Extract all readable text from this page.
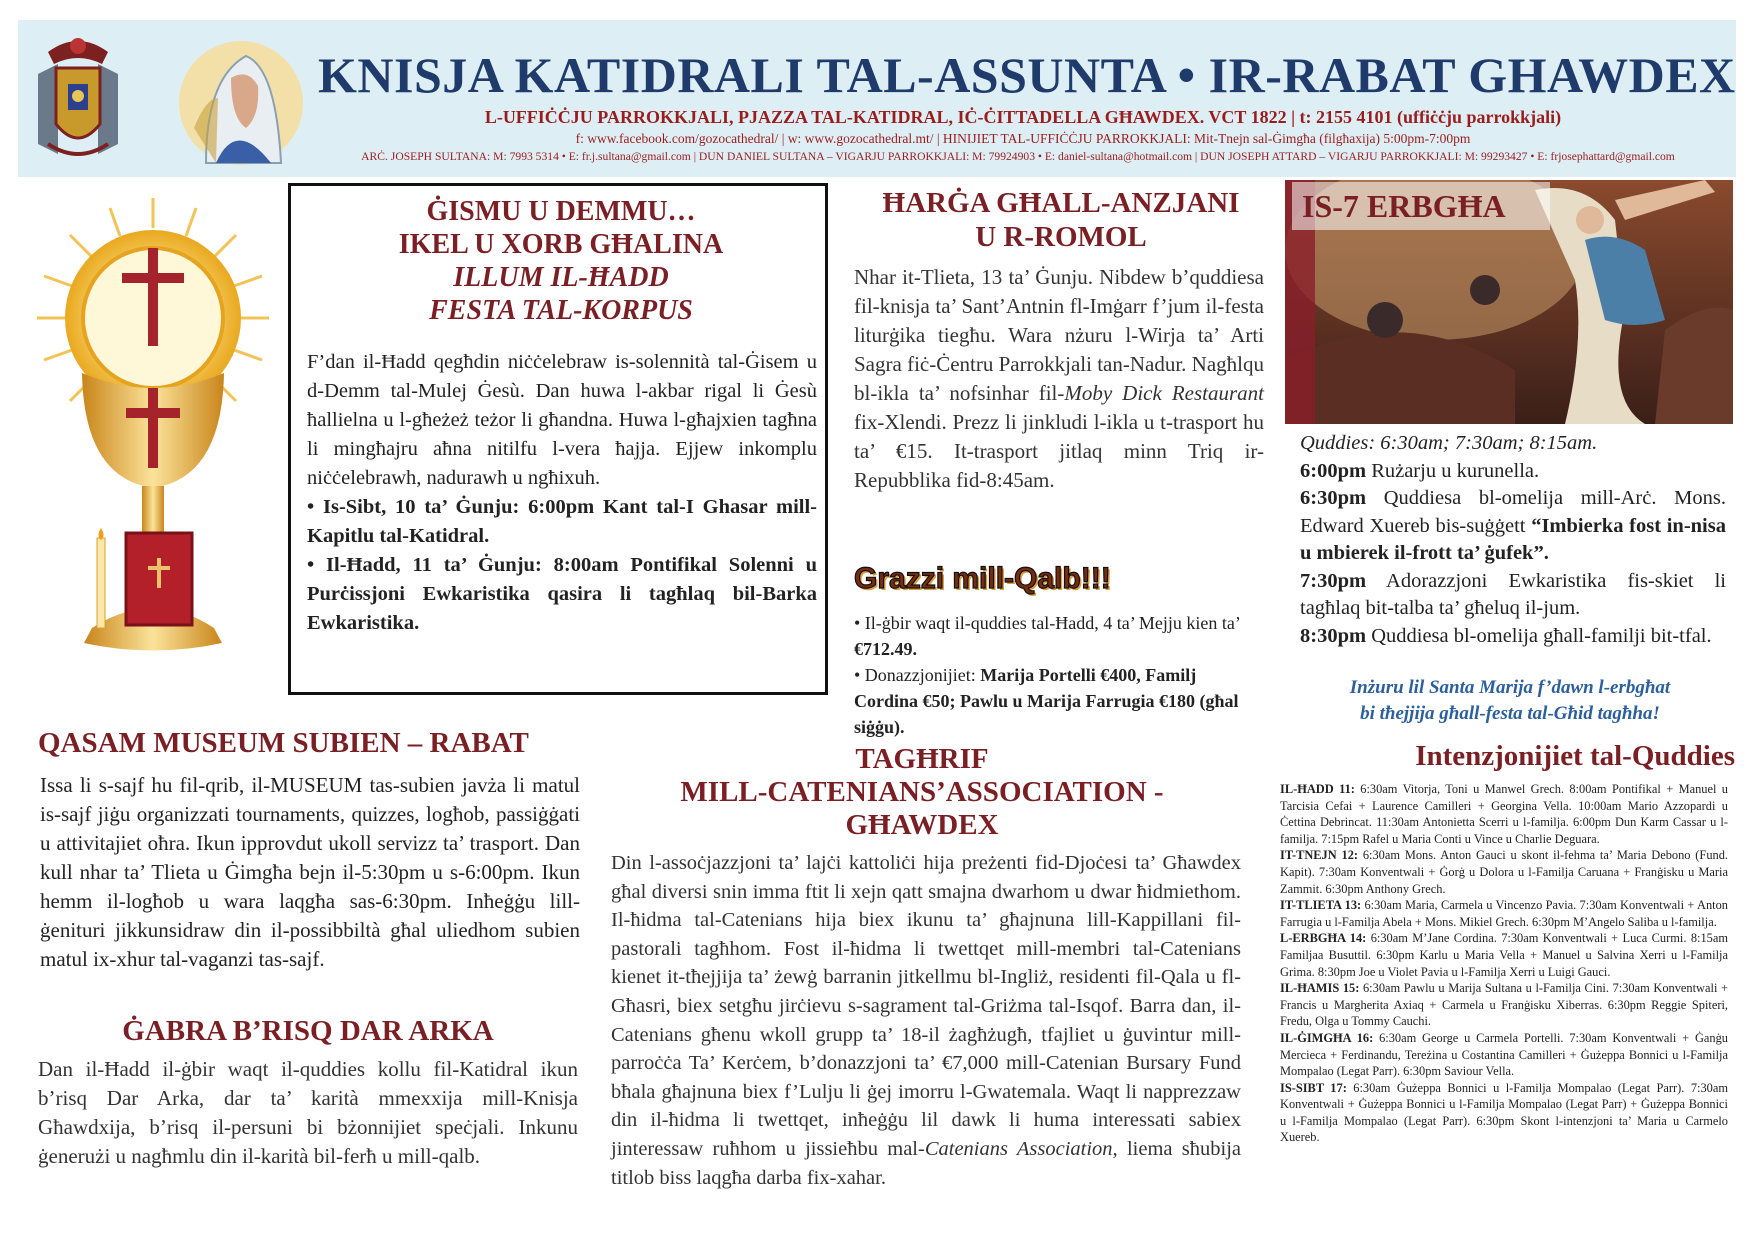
KNISJA KATIDRALI TAL-ASSUNTA • IR-RABAT GHAWDEX
L-UFFIĊĊJU PARROKKJALI, PJAZZA TAL-KATIDRAL, IĊ-ĊITTADELLA GĦAWDEX. VCT 1822 | t: 2155 4101 (uffiċċju parrokkjali)
f: www.facebook.com/gozocathedral/ | w: www.gozocathedral.mt/ | HINIJIET TAL-UFFIĊĊJU PARROKKJALI: Mit-Tnejn sal-Ġimgħa (filgħaxija) 5:00pm-7:00pm
ARĊ. JOSEPH SULTANA: M: 7993 5314 • E: fr.j.sultana@gmail.com | DUN DANIEL SULTANA – VIGARJU PARROKKJALI: M: 79924903 • E: daniel-sultana@hotmail.com | DUN JOSEPH ATTARD – VIGARJU PARROKKJALI: M: 99293427 • E: frjosephattard@gmail.com
ĠISMU U DEMMU…
IKEL U XORB GĦALINA
ILLUM IL-ĦADD
FESTA TAL-KORPUS
F’dan il-Ħadd qegħdin niċċelebraw is-solennità tal-Ġisem u d-Demm tal-Mulej Ġesù. Dan huwa l-akbar rigal li Ġesù ħallielna u l-għeżeż teżor li għandna. Huwa l-għajxien tagħna li mingħajru aħna nitilfu l-vera ħajja. Ejjew inkomplu niċċelebrawh, nadurawh u ngħixuh.
• Is-Sibt, 10 ta’ Ġunju: 6:00pm Kant tal-I Ghasar mill-Kapitlu tal-Katidral.
• Il-Ħadd, 11 ta’ Ġunju: 8:00am Pontifikal Solenni u Purċissjoni Ewkaristika qasira li tagħlaq bil-Barka Ewkaristika.
ĦARĠA GĦALL-ANZJANI
U R-ROMOL
Nhar it-Tlieta, 13 ta’ Ġunju. Nibdew b’quddiesa fil-knisja ta’ Sant’Antnin fl-Imġarr f’jum il-festa liturġika tiegħu. Wara nżuru l-Wirja ta’ Arti Sagra fiċ-Ċentru Parrokkjali tan-Nadur. Nagħlqu bl-ikla ta’ nofsinhar fil-Moby Dick Restaurant fix-Xlendi. Prezz li jinkludi l-ikla u t-trasport hu ta’ €15. It-trasport jitlaq minn Triq ir-Repubblika fid-8:45am.
Grazzi mill-Qalb!!!
• Il-ġbir waqt il-quddies tal-Ħadd, 4 ta’ Mejju kien ta’ €712.49.
• Donazzjonijiet: Marija Portelli €400, Familj Cordina €50; Pawlu u Marija Farrugia €180 (għal siġġu).
IS-7 ERBGĦA
Quddies: 6:30am; 7:30am; 8:15am.
6:00pm Rużarju u kurunella.
6:30pm Quddiesa bl-omelija mill-Arċ. Mons. Edward Xuereb bis-suġġett “Imbierka fost in-nisa u mbierek il-frott ta’ ġufek”.
7:30pm Adorazzjoni Ewkaristika fis-skiet li tagħlaq bit-talba ta’ għeluq il-jum.
8:30pm Quddiesa bl-omelija għall-familji bit-tfal.
Inżuru lil Santa Marija f’dawn l-erbgħat
bi tħejjija għall-festa tal-Għid tagħha!
Intenzjonijiet tal-Quddies
IL-ĦADD 11: 6:30am Vitorja, Toni u Manwel Grech. 8:00am Pontifikal + Manuel u Tarcisia Cefai + Laurence Camilleri + Georgina Vella. 10:00am Mario Azzopardi u Ċettina Debrincat. 11:30am Antonietta Scerri u l-familja. 6:00pm Dun Karm Cassar u l-familja. 7:15pm Rafel u Maria Conti u Vince u Charlie Deguara.
IT-TNEJN 12: 6:30am Mons. Anton Gauci u skont il-fehma ta’ Maria Debono (Fund. Kapit). 7:30am Konventwali + Ġorġ u Dolora u l-Familja Caruana + Franġisku u Maria Zammit. 6:30pm Anthony Grech.
IT-TLIETA 13: 6:30am Maria, Carmela u Vincenzo Pavia. 7:30am Konventwali + Anton Farrugia u l-Familja Abela + Mons. Mikiel Grech. 6:30pm M’Angelo Saliba u l-familja.
L-ERBGĦA 14: 6:30am M’Jane Cordina. 7:30am Konventwali + Luca Curmi. 8:15am Familjaa Busuttil. 6:30pm Karlu u Maria Vella + Manuel u Salvina Xerri u l-Familja Grima. 8:30pm Joe u Violet Pavia u l-Familja Xerri u Luigi Gauci.
IL-ĦAMIS 15: 6:30am Pawlu u Marija Sultana u l-Familja Cini. 7:30am Konventwali + Francis u Margherita Axiaq + Carmela u Franġisku Xiberras. 6:30pm Reggie Spiteri, Fredu, Olga u Tommy Cauchi.
IL-ĠIMGĦA 16: 6:30am George u Carmela Portelli. 7:30am Konventwali + Ġanġu Mercieca + Ferdinandu, Tereżina u Costantina Camilleri + Ġużeppa Bonnici u l-Familja Mompalao (Legat Parr). 6:30pm Saviour Vella.
IS-SIBT 17: 6:30am Ġużeppa Bonnici u l-Familja Mompalao (Legat Parr). 7:30am Konventwali + Ġużeppa Bonnici u l-Familja Mompalao (Legat Parr) + Ġużeppa Bonnici u l-Familja Mompalao (Legat Parr). 6:30pm Skont l-intenzjoni ta’ Maria u Carmelo Xuereb.
QASAM MUSEUM SUBIEN – RABAT
Issa li s-sajf hu fil-qrib, il-MUSEUM tas-subien javża li matul is-sajf jiġu organizzati tournaments, quizzes, logħob, passiġġati u attivitajiet oħra. Ikun ipprovdut ukoll servizz ta’ trasport. Dan kull nhar ta’ Tlieta u Ġimgħa bejn il-5:30pm u s-6:00pm. Ikun hemm il-logħob u wara laqgħa sas-6:30pm. Inħeġġu lill-ġenituri jikkunsidraw din il-possibbiltà għal uliedhom subien matul ix-xhur tal-vaganzi tas-sajf.
ĠABRA B’RISQ DAR ARKA
Dan il-Ħadd il-ġbir waqt il-quddies kollu fil-Katidral ikun b’risq Dar Arka, dar ta’ karità mmexxija mill-Knisja Għawdxija, b’risq il-persuni bi bżonnijiet speċjali. Inkunu ġenerużi u nagħmlu din il-karità bil-ferħ u mill-qalb.
TAGĦRIF
MILL-CATENIANS’ASSOCIATION -
GĦAWDEX
Din l-assoċjazzjoni ta’ lajċi kattoliċi hija preżenti fid-Djoċesi ta’ Għawdex għal diversi snin imma ftit li xejn qatt smajna dwarhom u dwar ħidmiethom. Il-ħidma tal-Catenians hija biex ikunu ta’ għajnuna lill-Kappillani fil-pastorali tagħhom. Fost il-ħidma li twettqet mill-membri tal-Catenians kienet it-tħejjija ta’ żewġ barranin jitkellmu bl-Ingliż, residenti fil-Qala u fl-Għasri, biex setgħu jirċievu s-sagrament tal-Griżma tal-Isqof. Barra dan, il-Catenians għenu wkoll grupp ta’ 18-il żagħżugħ, tfajliet u ġuvintur mill-parroċċa Ta’ Kerċem, b’donazzjoni ta’ €7,000 mill-Catenian Bursary Fund bħala għajnuna biex f’Lulju li ġej imorru l-Gwatemala. Waqt li napprezzaw din il-ħidma li twettqet, inħeġġu lil dawk li huma interessati sabiex jinteressaw ruħhom u jissieħbu mal-Catenians Association, liema sħubija titlob biss laqgħa darba fix-xahar.
